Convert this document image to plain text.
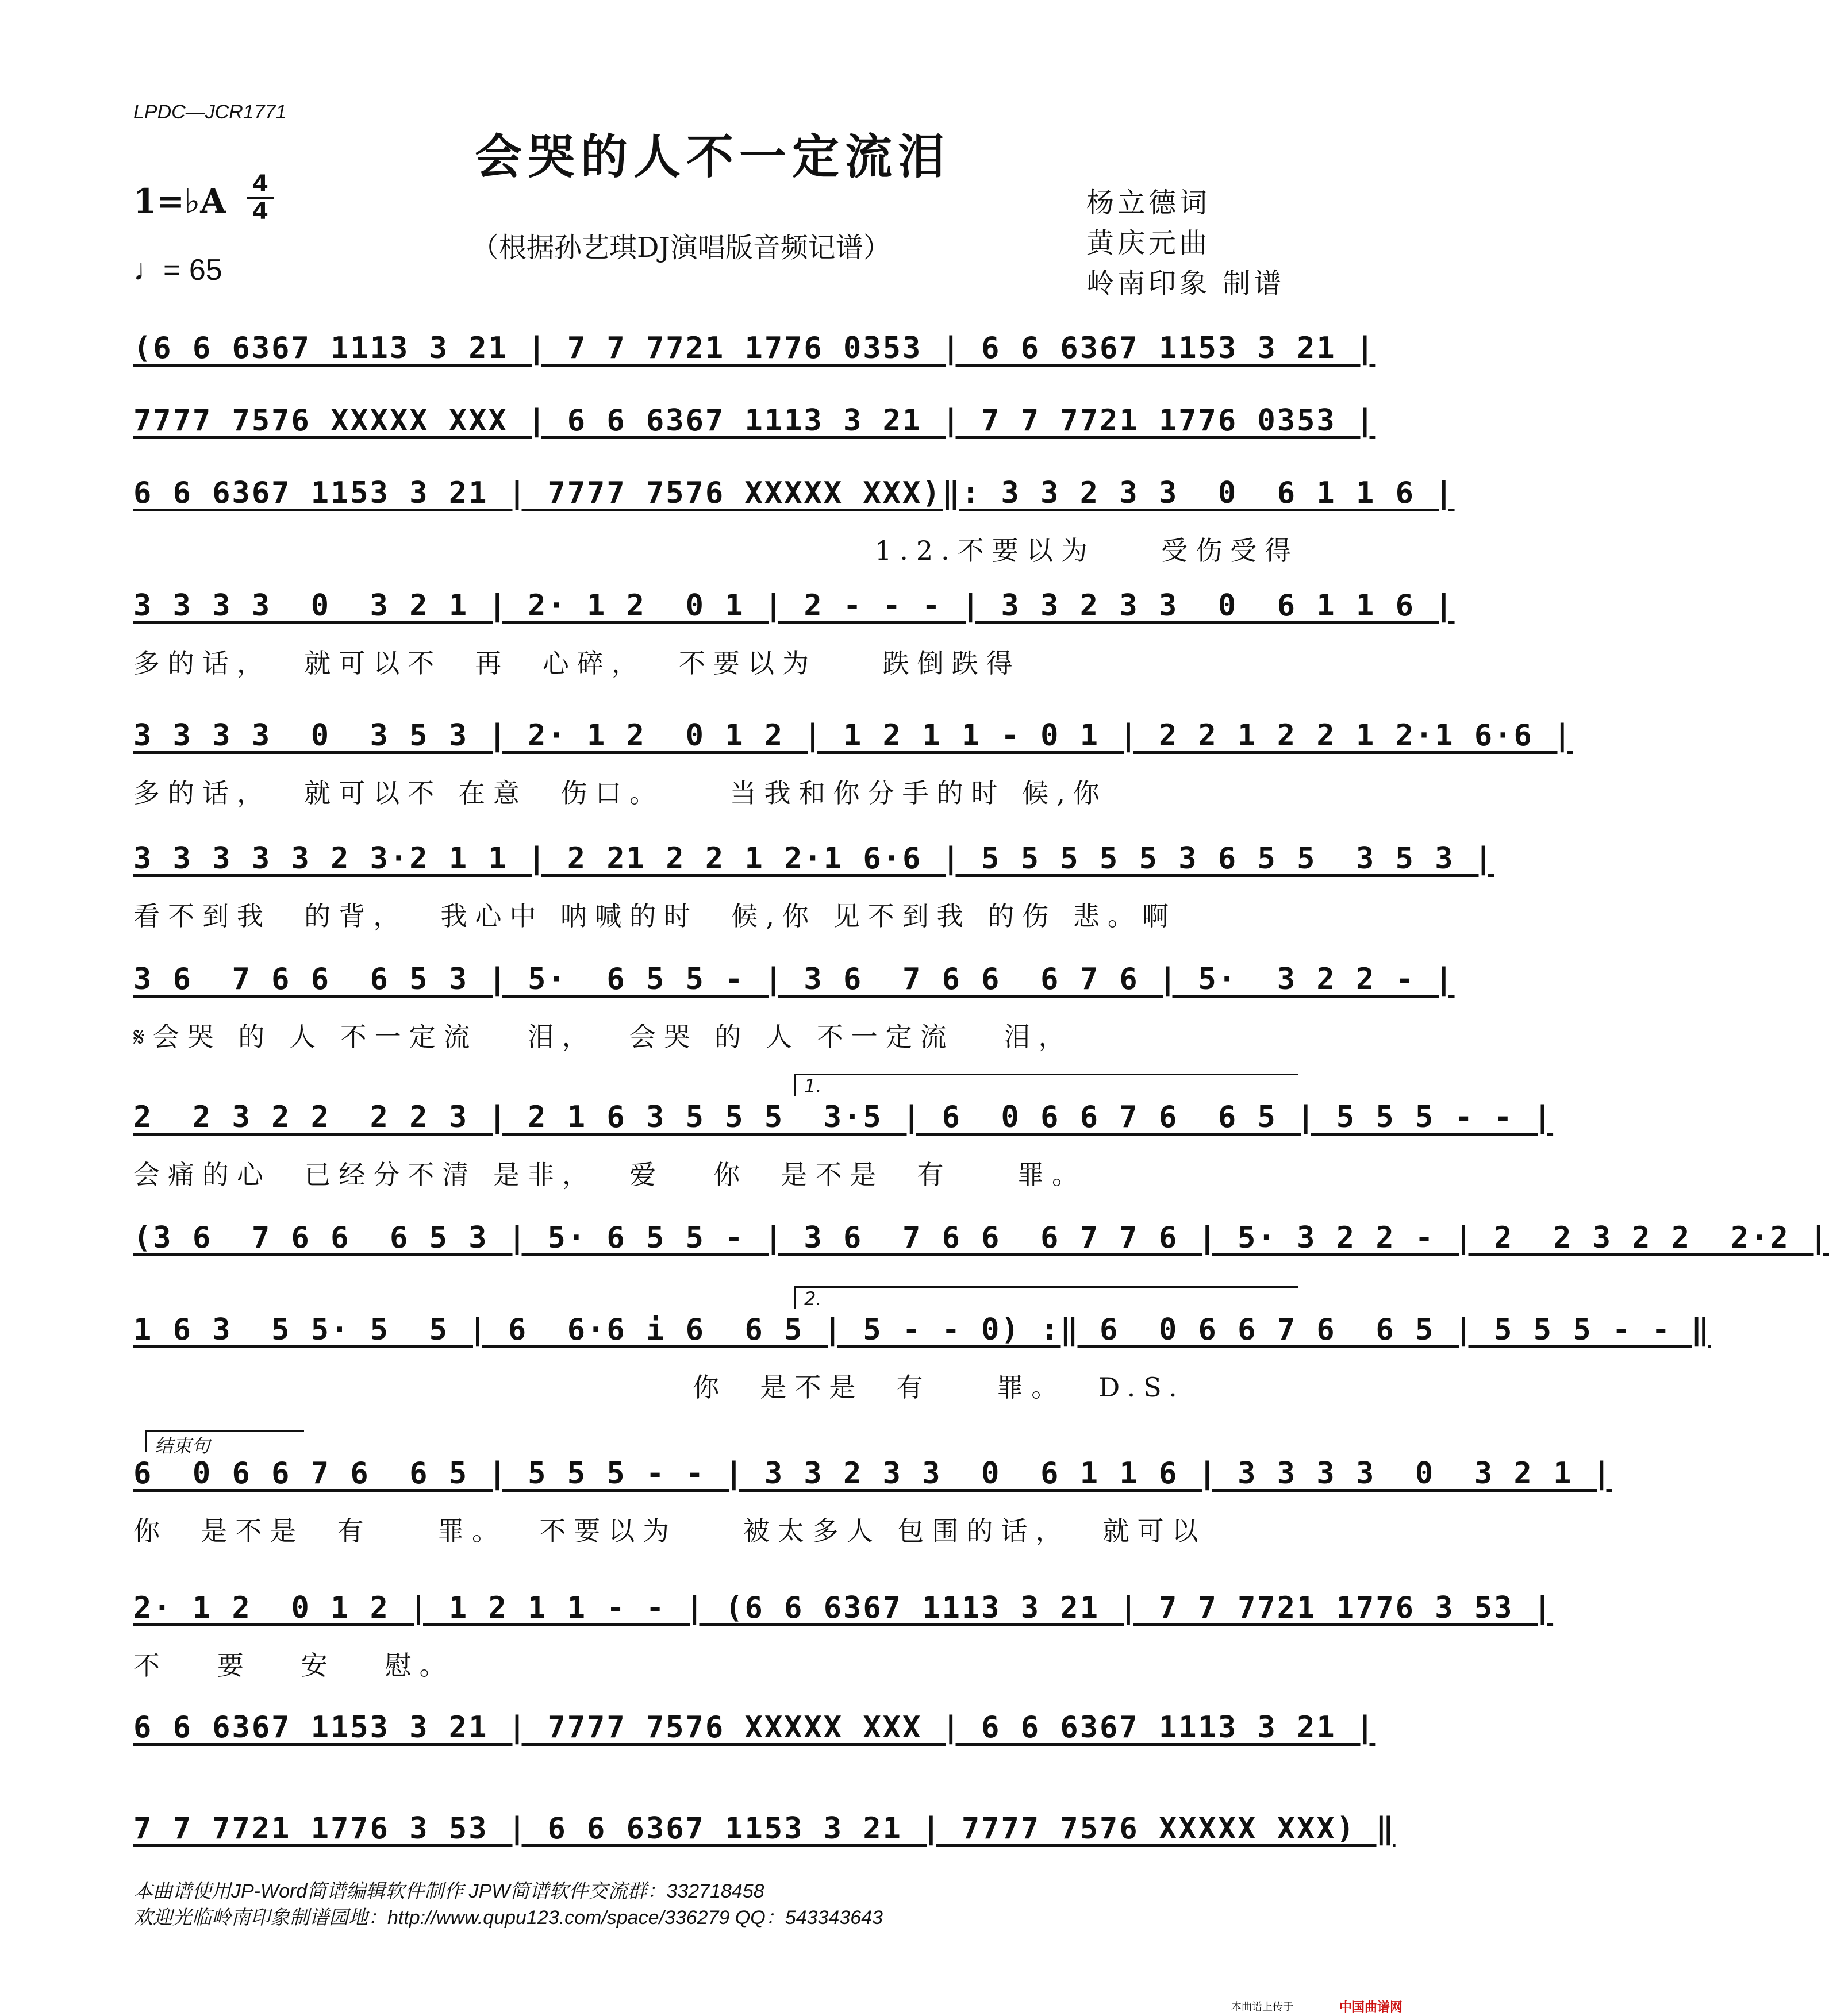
LPDC—JCR1771
会哭的人不一定流泪
1=♭A 4
4
♩= 65
（根据孙艺琪DJ演唱版音频记谱）
杨立德词
黄庆元曲
岭南印象 制谱
(6 6 6367 1113 3 21 | 7 7 7721 1776 0353 | 6 6 6367 1153 3 21 |
7777 7576 XXXXX XXX | 6 6 6367 1113 3 21 | 7 7 7721 1776 0353 |
6 6 6367 1153 3 21 | 7777 7576 XXXXX XXX)‖: 3 3 2 3 3  0  6 1 1 6 |
1.2.不要以为    受伤受得
3 3 3 3  0  3 2 1 | 2· 1 2  0 1 | 2 - - - | 3 3 2 3 3  0  6 1 1 6 |
多的话，  就可以不  再  心碎，  不要以为    跌倒跌得
3 3 3 3  0  3 5 3 | 2· 1 2  0 1 2 | 1 2 1 1 - 0 1 | 2 2 1 2 2 1 2·1 6·6 |
多的话，  就可以不 在意  伤口。    当我和你分手的时 候,你
3 3 3 3 3 2 3·2 1 1 | 2 21 2 2 1 2·1 6·6 | 5 5 5 5 5 3 6 5 5  3 5 3 |
看不到我  的背，  我心中 呐喊的时  候,你 见不到我 的伤 悲。啊
3 6  7 6 6  6 5 3 | 5·  6 5 5 - | 3 6  7 6 6  6 7 6 | 5·  3 2 2 - |
𝄋会哭 的 人 不一定流   泪，  会哭 的 人 不一定流   泪，
1.
2  2 3 2 2  2 2 3 | 2 1 6 3 5 5 5  3·5 | 6  0 6 6 7 6  6 5 | 5 5 5 - - |
会痛的心  已经分不清 是非，  爱   你  是不是  有    罪。
(3 6  7 6 6  6 5 3 | 5· 6 5 5 - | 3 6  7 6 6  6 7 7 6 | 5· 3 2 2 - | 2  2 3 2 2  2·2 |
2.
1 6 3  5 5· 5  5 | 6  6·6 i 6  6 5 | 5 - - 0) :‖ 6  0 6 6 7 6  6 5 | 5 5 5 - - ‖
你  是不是  有    罪。  D.S.
结束句
6  0 6 6 7 6  6 5 | 5 5 5 - - | 3 3 2 3 3  0  6 1 1 6 | 3 3 3 3  0  3 2 1 |
你  是不是  有    罪。  不要以为    被太多人 包围的话，  就可以
2· 1 2  0 1 2 | 1 2 1 1 - - | (6 6 6367 1113 3 21 | 7 7 7721 1776 3 53 |
不   要   安   慰。
6 6 6367 1153 3 21 | 7777 7576 XXXXX XXX | 6 6 6367 1113 3 21 |
7 7 7721 1776 3 53 | 6 6 6367 1153 3 21 | 7777 7576 XXXXX XXX) ‖
本曲谱使用JP-Word简谱编辑软件制作 JPW简谱软件交流群：332718458
欢迎光临岭南印象制谱园地：http://www.qupu123.com/space/336279 QQ：543343643
本曲谱上传于	中国曲谱网
